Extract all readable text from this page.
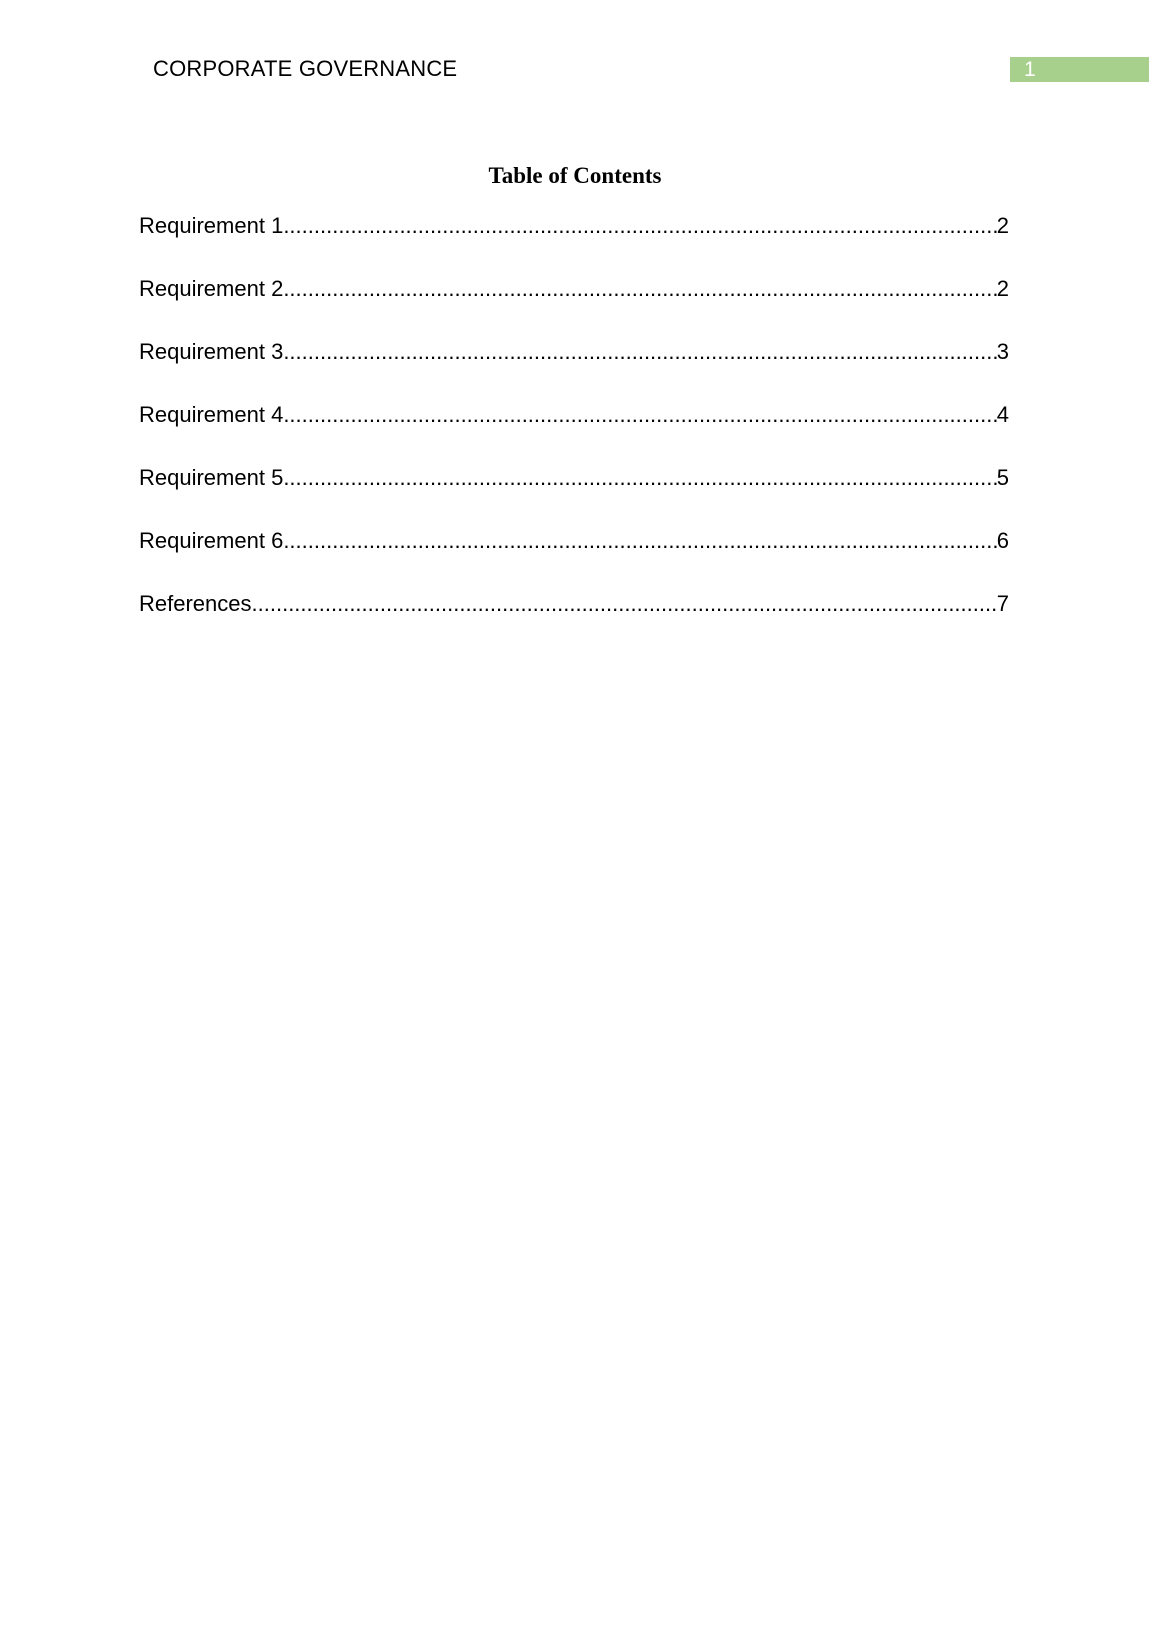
CORPORATE GOVERNANCE	1
Table of Contents
Requirement 1 .....	2
Requirement 2 .....	2
Requirement 3 .....	3
Requirement 4 .....	4
Requirement 5 .....	5
Requirement 6 .....	6
References .....	7
